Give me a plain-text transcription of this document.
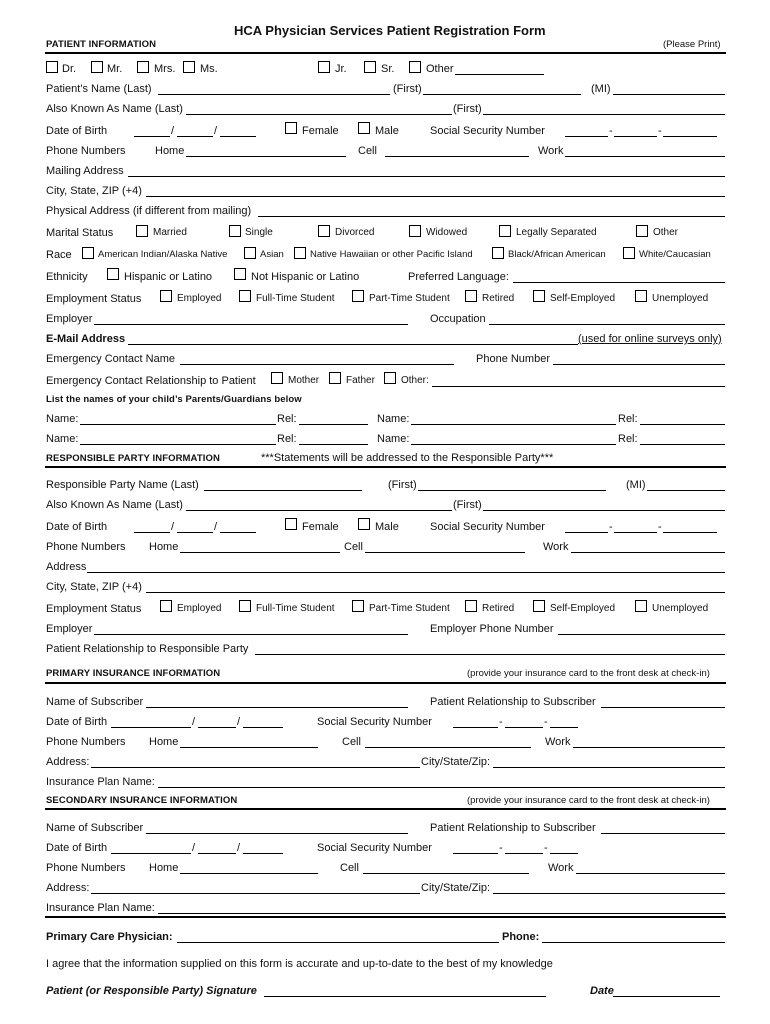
HCA Physician Services Patient Registration Form
PATIENT INFORMATION	(Please Print)
Dr.	Mr.	Mrs. Ms.	Jr.	Sr.	Other
Patient’s Name (Last)	(First)	(MI)
Also Known As Name (Last)	(First)
Date of Birth	/	/	Female	Male	Social Security Number	-	-
Phone Numbers	Home	Cell	Work
Mailing Address
City, State, ZIP (+4)
Physical Address (if different from mailing)
Marital Status	Married	Single	Divorced	Widowed	Legally Separated	Other
Race	American Indian/Alaska Native	Asian	Native Hawaiian or other Pacific Island	Black/African American	White/Caucasian
Ethnicity	Hispanic or Latino	Not Hispanic or Latino	Preferred Language:
Employment Status	Employed	Full-Time Student	Part-Time Student	Retired	Self-Employed	Unemployed
Employer	Occupation
E-Mail Address	(used for online surveys only)
Emergency Contact Name	Phone Number
Emergency Contact Relationship to Patient	Mother	Father	Other:
List the names of your child’s Parents/Guardians below
Name:	Rel:	Name:	Rel:
Name:	Rel:	Name:	Rel:
RESPONSIBLE PARTY INFORMATION	***Statements will be addressed to the Responsible Party***
Responsible Party Name (Last)	(First)	(MI)
Also Known As Name (Last)	(First)
Date of Birth	/	/	Female	Male	Social Security Number	-	-
Phone Numbers Home	Cell	Work
Address
City, State, ZIP (+4)
Employment Status	Employed	Full-Time Student	Part-Time Student	Retired	Self-Employed	Unemployed
Employer	Employer Phone Number
Patient Relationship to Responsible Party
PRIMARY INSURANCE INFORMATION	(provide your insurance card to the front desk at check-in)
Name of Subscriber	Patient Relationship to Subscriber
Date of Birth	/	/	Social Security Number	-	-
Phone Numbers Home	Cell	Work
Address:	City/State/Zip:
Insurance Plan Name:
SECONDARY INSURANCE INFORMATION	(provide your insurance card to the front desk at check-in)
Name of Subscriber	Patient Relationship to Subscriber
Date of Birth	/	/	Social Security Number	-	-
Phone Numbers Home	Cell	Work
Address:	City/State/Zip:
Insurance Plan Name:
Primary Care Physician:	Phone:
I agree that the information supplied on this form is accurate and up-to-date to the best of my knowledge
Patient (or Responsible Party) Signature	Date
